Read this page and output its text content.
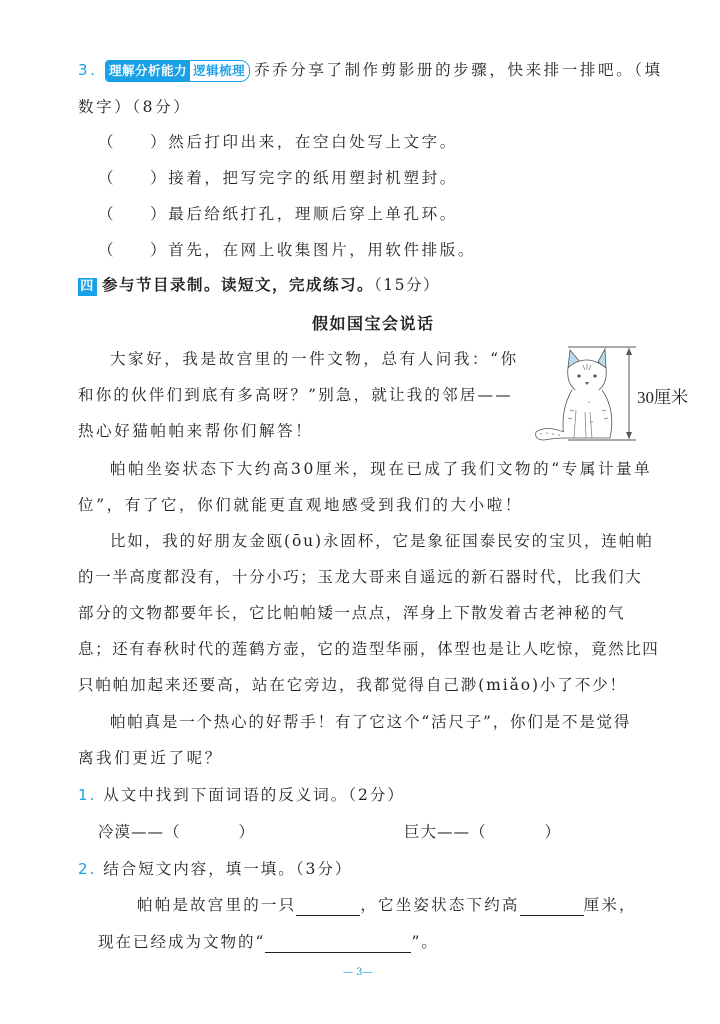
3. 理解分析能力 逻辑梳理 乔乔分享了制作剪影册的步骤，快来排一排吧。（填
数字）（8分）
（ ）然后打印出来，在空白处写上文字。
（ ）接着，把写完字的纸用塑封机塑封。
（ ）最后给纸打孔，理顺后穿上单孔环。
（ ）首先，在网上收集图片，用软件排版。
四 参与节目录制。读短文，完成练习。（15分）
假如国宝会说话
大家好，我是故宫里的一件文物，总有人问我：“你
和你的伙伴们到底有多高呀？”别急，就让我的邻居——
热心好猫帕帕来帮你们解答！
30厘米
帕帕坐姿状态下大约高30厘米，现在已成了我们文物的“专属计量单
位”，有了它，你们就能更直观地感受到我们的大小啦！
比如，我的好朋友金瓯(ōu)永固杯，它是象征国泰民安的宝贝，连帕帕
的一半高度都没有，十分小巧；玉龙大哥来自遥远的新石器时代，比我们大
部分的文物都要年长，它比帕帕矮一点点，浑身上下散发着古老神秘的气
息；还有春秋时代的莲鹤方壶，它的造型华丽，体型也是让人吃惊，竟然比四
只帕帕加起来还要高，站在它旁边，我都觉得自己渺(miǎo)小了不少！
帕帕真是一个热心的好帮手！有了它这个“活尺子”，你们是不是觉得
离我们更近了呢？
1. 从文中找到下面词语的反义词。（2分）
冷漠——（	）	巨大——（	）
2. 结合短文内容，填一填。（3分）
帕帕是故宫里的一只	，它坐姿状态下约高	厘米，
现在已经成为文物的“	”。
— 3—
